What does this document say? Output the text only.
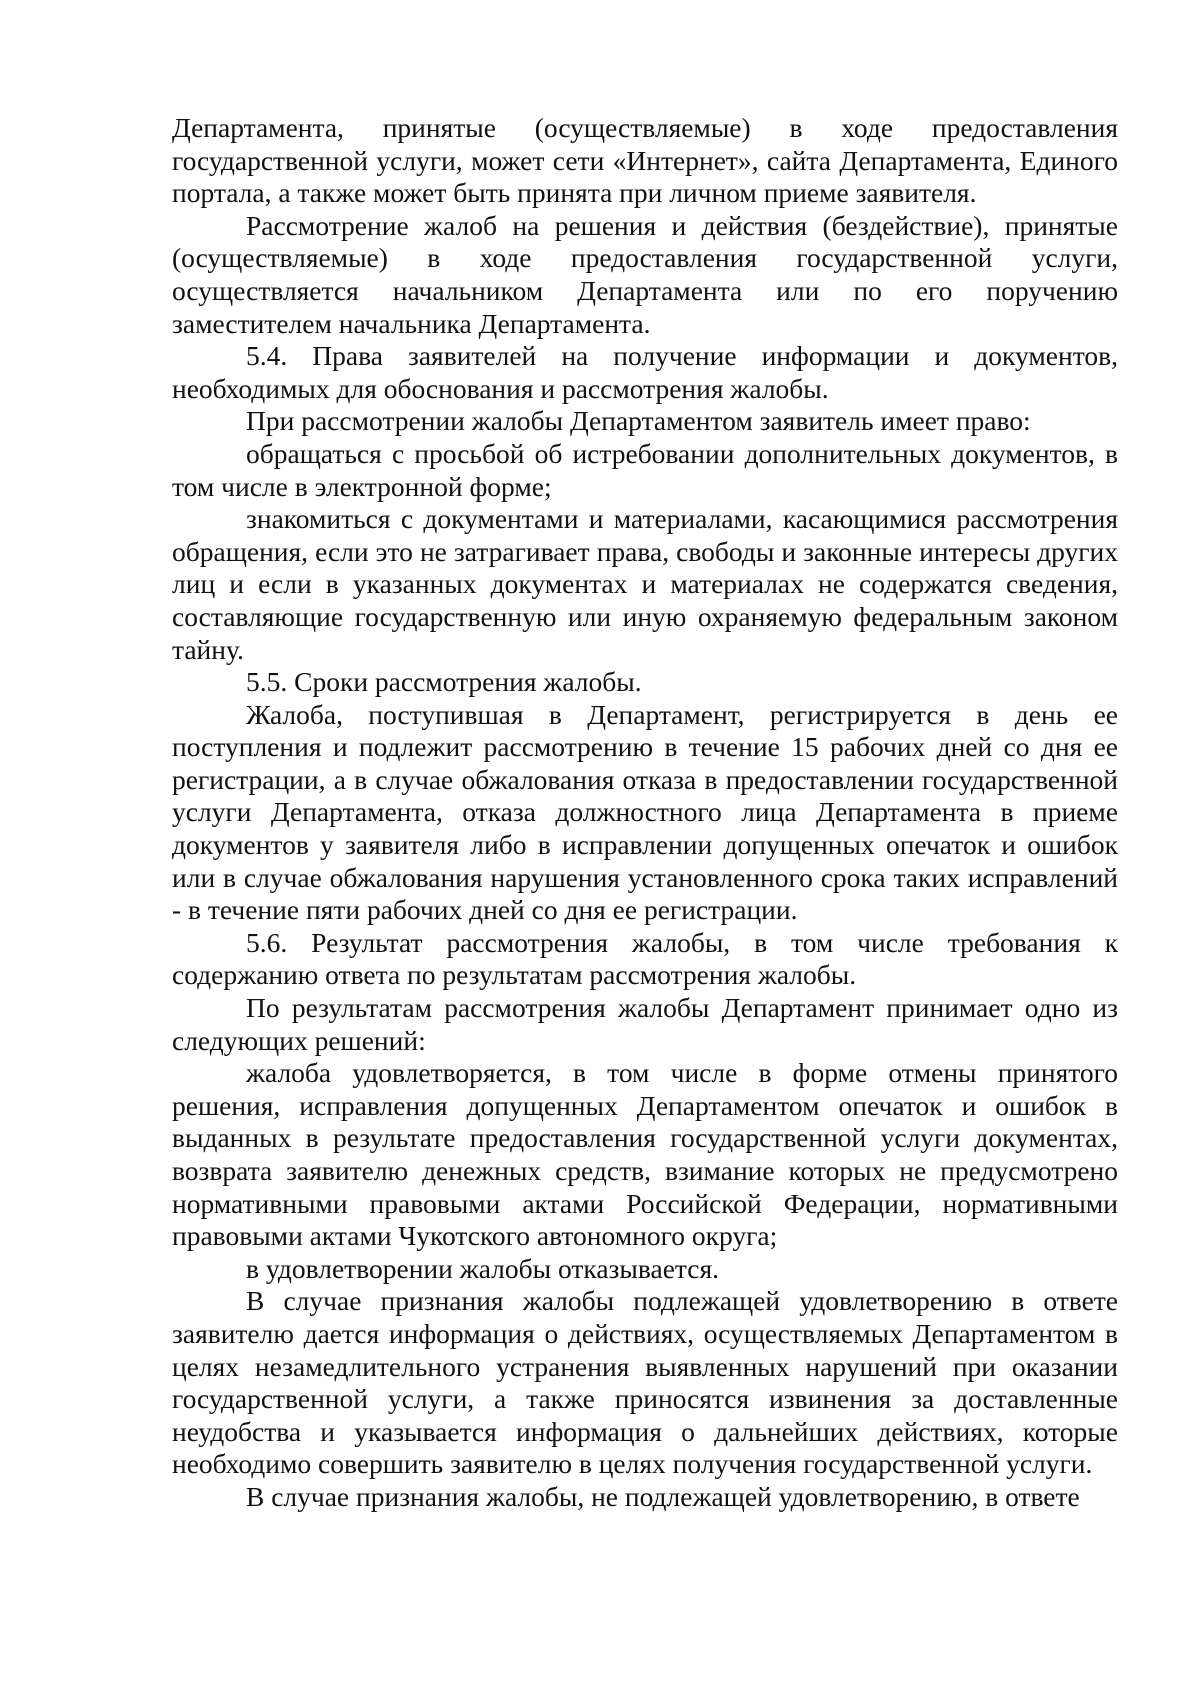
Департамента, принятые (осуществляемые) в ходе предоставления государственной услуги, может сети «Интернет», сайта Департамента, Единого портала, а также может быть принята при личном приеме заявителя.

Рассмотрение жалоб на решения и действия (бездействие), принятые (осуществляемые) в ходе предоставления государственной услуги, осуществляется начальником Департамента или по его поручению заместителем начальника Департамента.

5.4. Права заявителей на получение информации и документов, необходимых для обоснования и рассмотрения жалобы.

При рассмотрении жалобы Департаментом заявитель имеет право:

обращаться с просьбой об истребовании дополнительных документов, в том числе в электронной форме;

знакомиться с документами и материалами, касающимися рассмотрения обращения, если это не затрагивает права, свободы и законные интересы других лиц и если в указанных документах и материалах не содержатся сведения, составляющие государственную или иную охраняемую федеральным законом тайну.

5.5. Сроки рассмотрения жалобы.

Жалоба, поступившая в Департамент, регистрируется в день ее поступления и подлежит рассмотрению в течение 15 рабочих дней со дня ее регистрации, а в случае обжалования отказа в предоставлении государственной услуги Департамента, отказа должностного лица Департамента в приеме документов у заявителя либо в исправлении допущенных опечаток и ошибок или в случае обжалования нарушения установленного срока таких исправлений - в течение пяти рабочих дней со дня ее регистрации.

5.6. Результат рассмотрения жалобы, в том числе требования к содержанию ответа по результатам рассмотрения жалобы.

По результатам рассмотрения жалобы Департамент принимает одно из следующих решений:

жалоба удовлетворяется, в том числе в форме отмены принятого решения, исправления допущенных Департаментом опечаток и ошибок в выданных в результате предоставления государственной услуги документах, возврата заявителю денежных средств, взимание которых не предусмотрено нормативными правовыми актами Российской Федерации, нормативными правовыми актами Чукотского автономного округа;

в удовлетворении жалобы отказывается.

В случае признания жалобы подлежащей удовлетворению в ответе заявителю дается информация о действиях, осуществляемых Департаментом в целях незамедлительного устранения выявленных нарушений при оказании государственной услуги, а также приносятся извинения за доставленные неудобства и указывается информация о дальнейших действиях, которые необходимо совершить заявителю в целях получения государственной услуги.

В случае признания жалобы, не подлежащей удовлетворению, в ответе
